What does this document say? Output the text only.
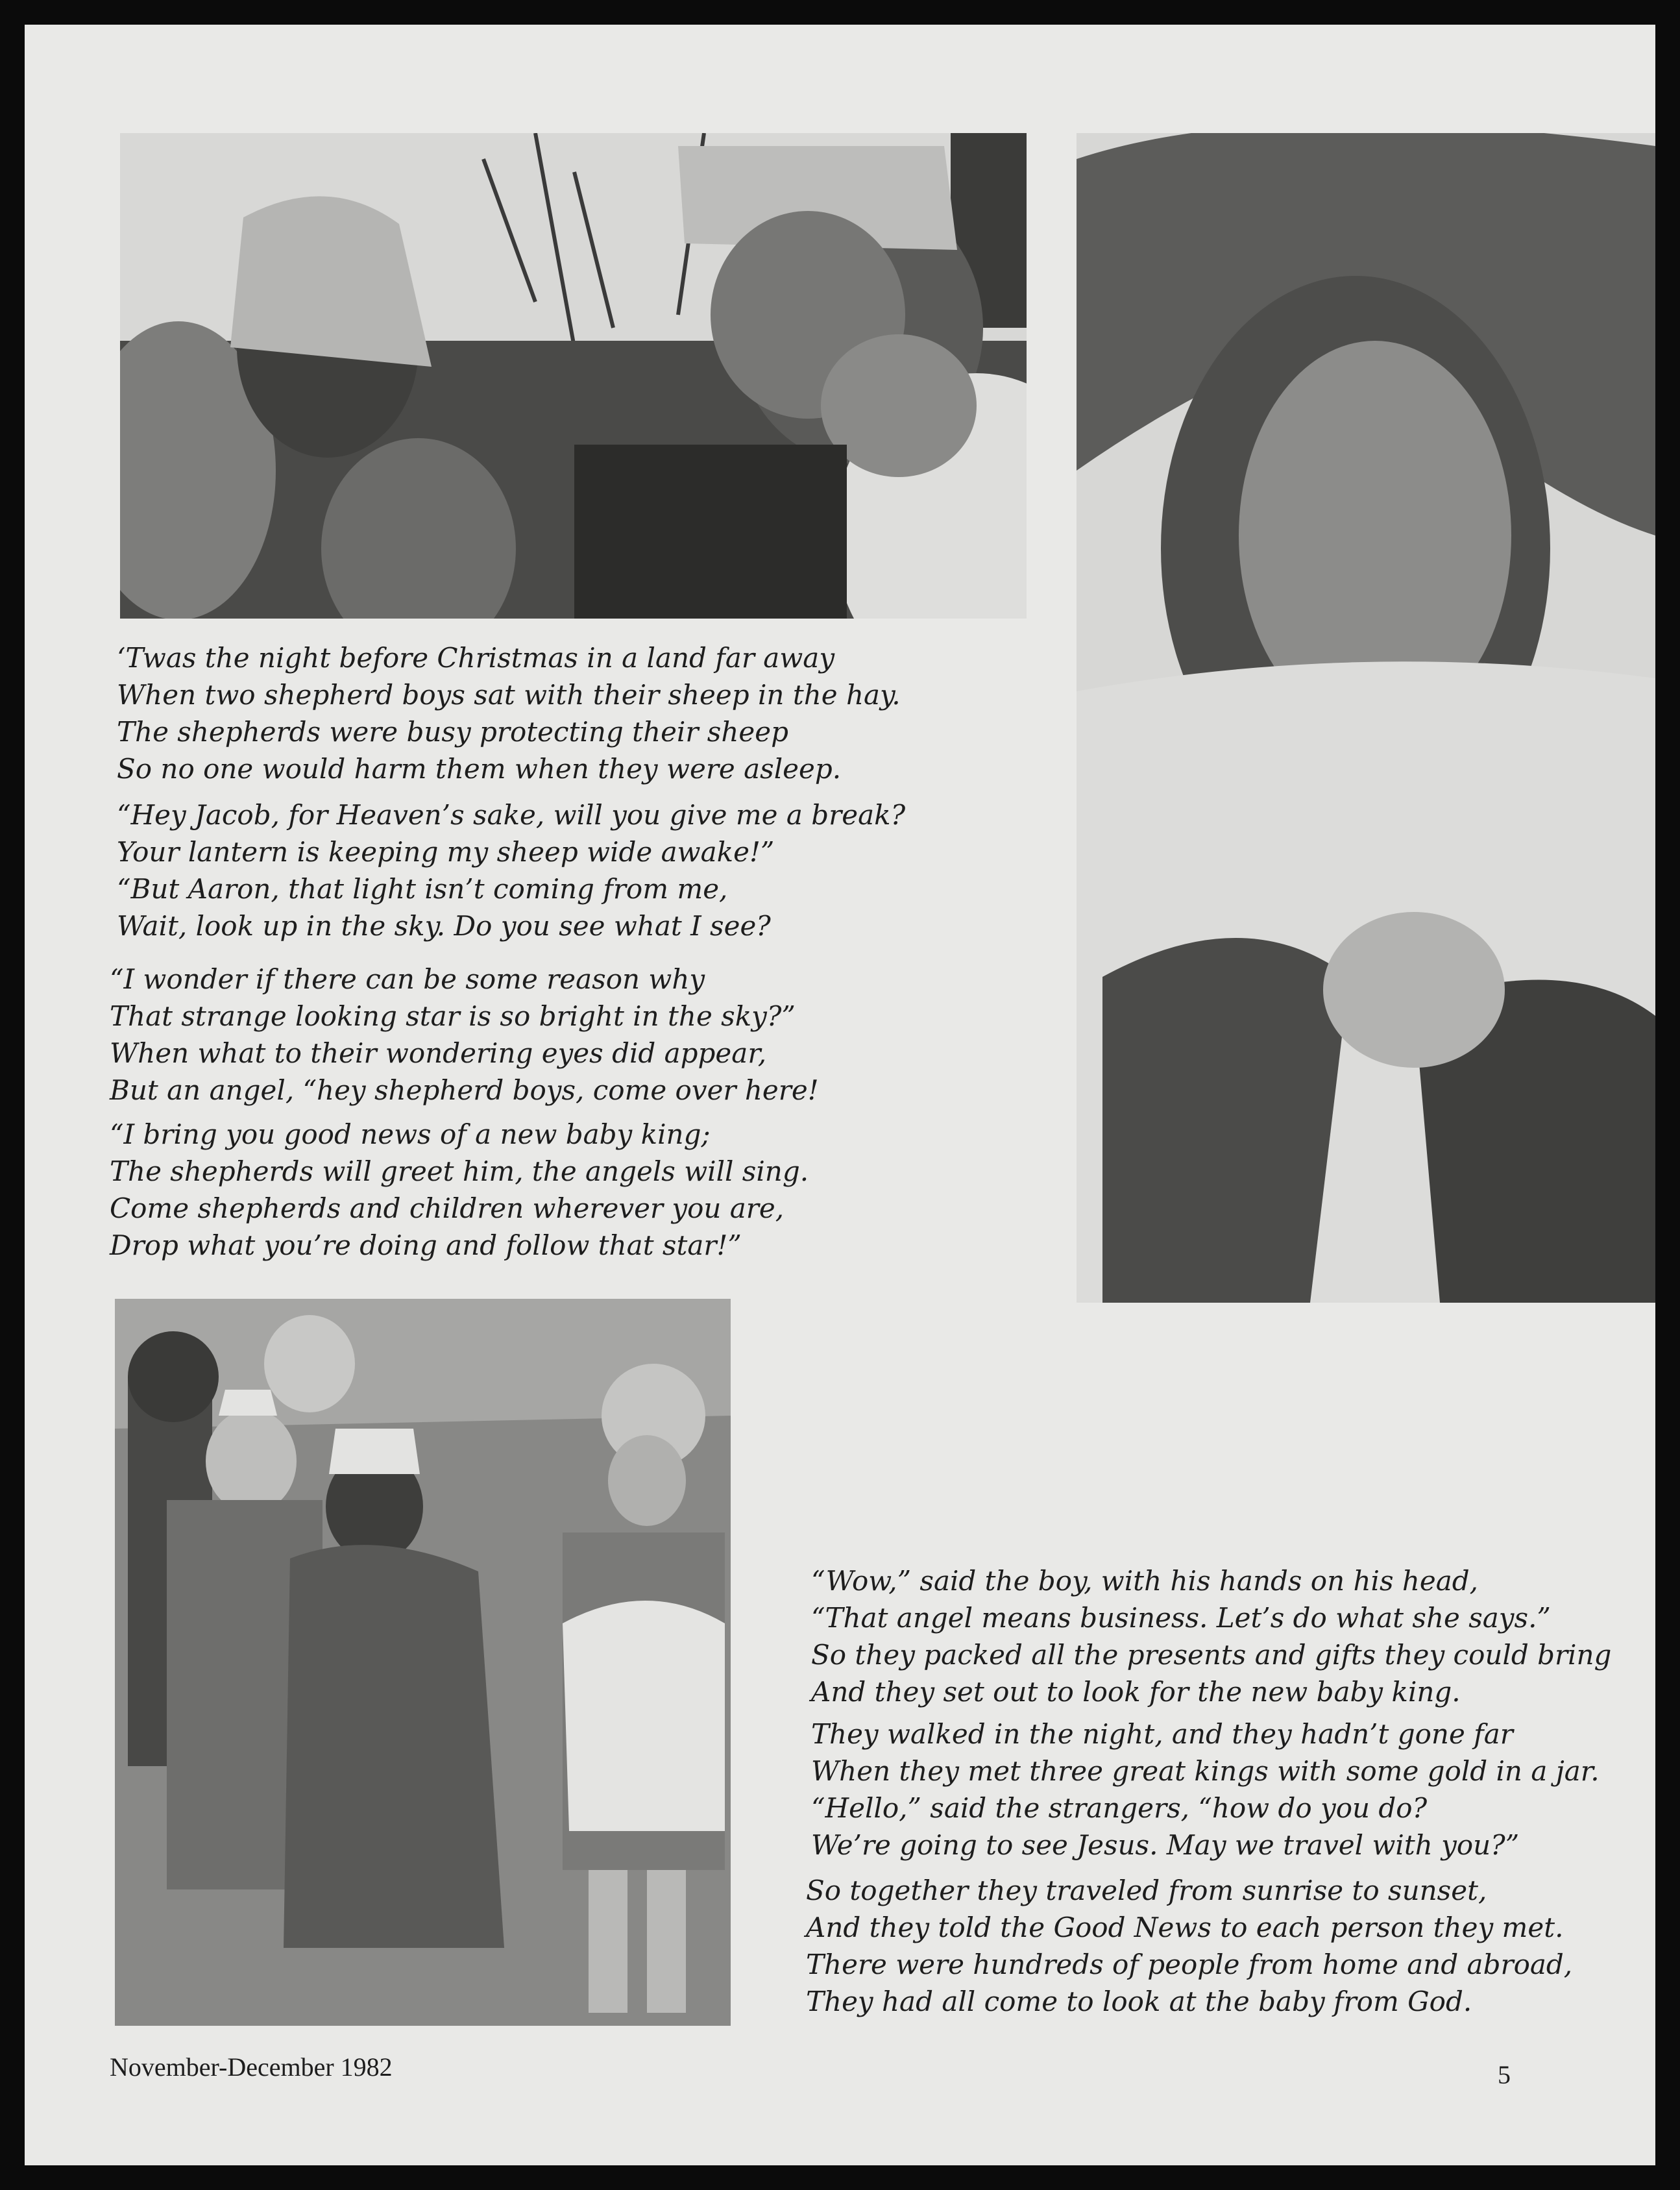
‘Twas the night before Christmas in a land far away
When two shepherd boys sat with their sheep in the hay.
The shepherds were busy protecting their sheep
So no one would harm them when they were asleep.
“Hey Jacob, for Heaven’s sake, will you give me a break?
Your lantern is keeping my sheep wide awake!”
“But Aaron, that light isn’t coming from me,
Wait, look up in the sky. Do you see what I see?
“I wonder if there can be some reason why
That strange looking star is so bright in the sky?”
When what to their wondering eyes did appear,
But an angel, “hey shepherd boys, come over here!
“I bring you good news of a new baby king;
The shepherds will greet him, the angels will sing.
Come shepherds and children wherever you are,
Drop what you’re doing and follow that star!”
“Wow,” said the boy, with his hands on his head,
“That angel means business. Let’s do what she says.”
So they packed all the presents and gifts they could bring
And they set out to look for the new baby king.
They walked in the night, and they hadn’t gone far
When they met three great kings with some gold in a jar.
“Hello,” said the strangers, “how do you do?
We’re going to see Jesus. May we travel with you?”
So together they traveled from sunrise to sunset,
And they told the Good News to each person they met.
There were hundreds of people from home and abroad,
They had all come to look at the baby from God.
November-December 1982	5
